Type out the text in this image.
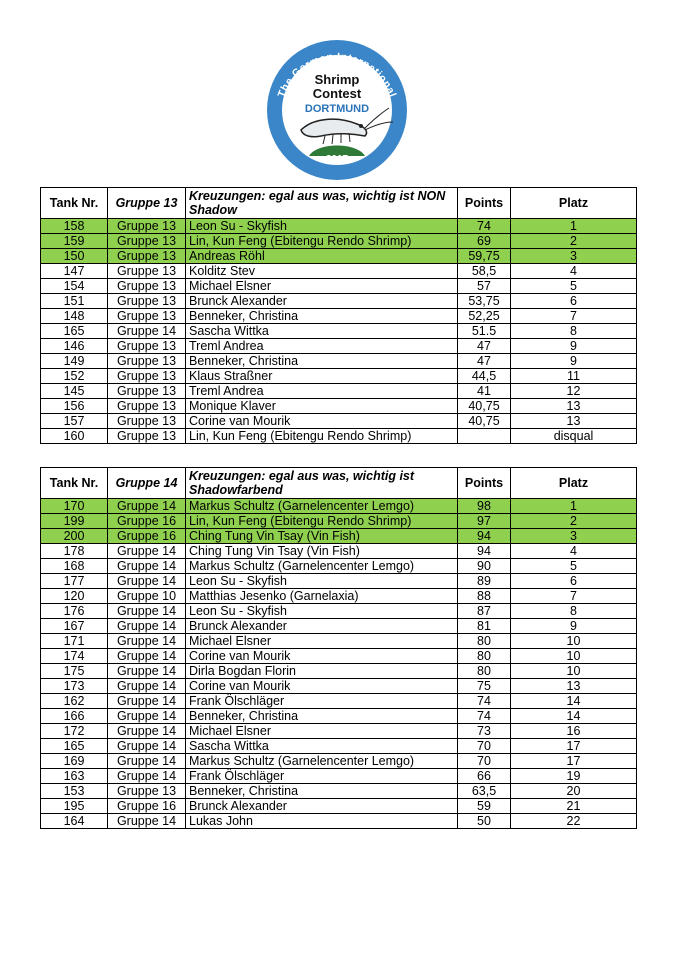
The German International
Shrimp
Contest
DORTMUND
2017
Tank Nr.	Gruppe 13	Kreuzungen: egal aus was, wichtig ist NON Shadow	Points	Platz
158	Gruppe 13	Leon Su - Skyfish	74	1
159	Gruppe 13	Lin, Kun Feng (Ebitengu Rendo Shrimp)	69	2
150	Gruppe 13	Andreas Röhl	59,75	3
147	Gruppe 13	Kolditz Stev	58,5	4
154	Gruppe 13	Michael Elsner	57	5
151	Gruppe 13	Brunck Alexander	53,75	6
148	Gruppe 13	Benneker, Christina	52,25	7
165	Gruppe 14	Sascha Wittka	51.5	8
146	Gruppe 13	Treml Andrea	47	9
149	Gruppe 13	Benneker, Christina	47	9
152	Gruppe 13	Klaus Straßner	44,5	11
145	Gruppe 13	Treml Andrea	41	12
156	Gruppe 13	Monique Klaver	40,75	13
157	Gruppe 13	Corine van Mourik	40,75	13
160	Gruppe 13	Lin, Kun Feng (Ebitengu Rendo Shrimp)		disqual
Tank Nr.	Gruppe 14	Kreuzungen: egal aus was, wichtig ist Shadowfarbend	Points	Platz
170	Gruppe 14	Markus Schultz (Garnelencenter Lemgo)	98	1
199	Gruppe 16	Lin, Kun Feng (Ebitengu Rendo Shrimp)	97	2
200	Gruppe 16	Ching Tung Vin Tsay (Vin Fish)	94	3
178	Gruppe 14	Ching Tung Vin Tsay (Vin Fish)	94	4
168	Gruppe 14	Markus Schultz (Garnelencenter Lemgo)	90	5
177	Gruppe 14	Leon Su - Skyfish	89	6
120	Gruppe 10	Matthias Jesenko (Garnelaxia)	88	7
176	Gruppe 14	Leon Su - Skyfish	87	8
167	Gruppe 14	Brunck Alexander	81	9
171	Gruppe 14	Michael Elsner	80	10
174	Gruppe 14	Corine van Mourik	80	10
175	Gruppe 14	Dirla Bogdan Florin	80	10
173	Gruppe 14	Corine van Mourik	75	13
162	Gruppe 14	Frank Ölschläger	74	14
166	Gruppe 14	Benneker, Christina	74	14
172	Gruppe 14	Michael Elsner	73	16
165	Gruppe 14	Sascha Wittka	70	17
169	Gruppe 14	Markus Schultz (Garnelencenter Lemgo)	70	17
163	Gruppe 14	Frank Ölschläger	66	19
153	Gruppe 13	Benneker, Christina	63,5	20
195	Gruppe 16	Brunck Alexander	59	21
164	Gruppe 14	Lukas John	50	22
